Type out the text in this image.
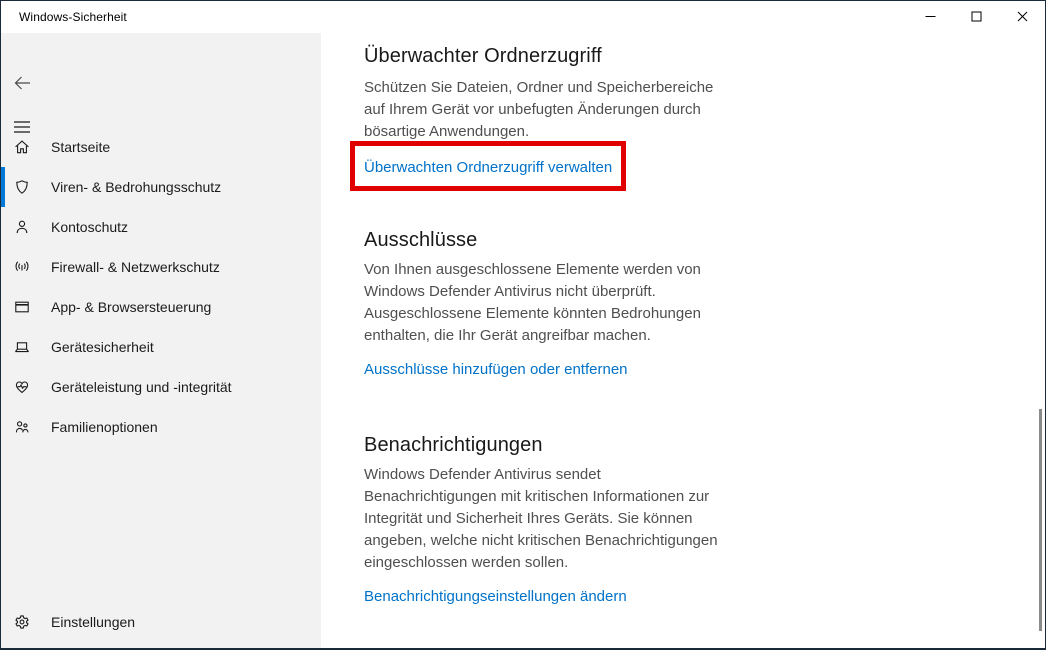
Windows-Sicherheit
Startseite
Viren- & Bedrohungsschutz
Kontoschutz
Firewall- & Netzwerkschutz
App- & Browsersteuerung
Gerätesicherheit
Geräteleistung und -integrität
Familienoptionen
Einstellungen
Überwachter Ordnerzugriff

Schützen Sie Dateien, Ordner und Speicherbereiche auf Ihrem Gerät vor unbefugten Änderungen durch bösartige Anwendungen.

Überwachten Ordnerzugriff verwalten
Ausschlüsse

Von Ihnen ausgeschlossene Elemente werden von Windows Defender Antivirus nicht überprüft. Ausgeschlossene Elemente könnten Bedrohungen enthalten, die Ihr Gerät angreifbar machen.

Ausschlüsse hinzufügen oder entfernen
Benachrichtigungen

Windows Defender Antivirus sendet Benachrichtigungen mit kritischen Informationen zur Integrität und Sicherheit Ihres Geräts. Sie können angeben, welche nicht kritischen Benachrichtigungen eingeschlossen werden sollen.

Benachrichtigungseinstellungen ändern
